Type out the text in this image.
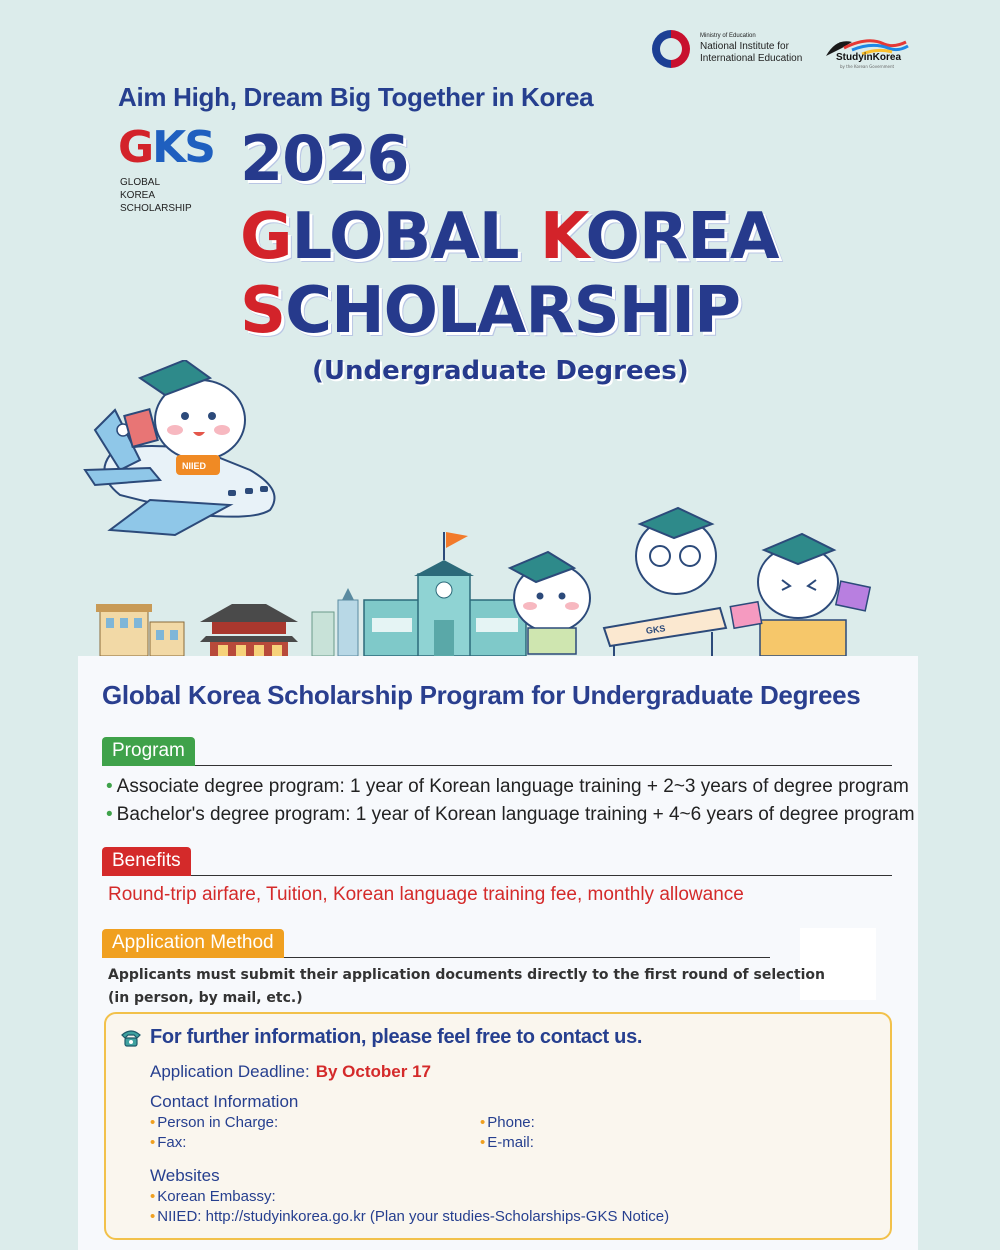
Ministry of Education
National Institute for
International Education	StudyinKorea
by the Korean Government
Aim High, Dream Big Together in Korea
GKS
GLOBAL
KOREA
SCHOLARSHIP
2026
GLOBAL KOREA
SCHOLARSHIP
(Undergraduate Degrees)
NIIED
GKS
Global Korea Scholarship Program for Undergraduate Degrees
Program
• Associate degree program: 1 year of Korean language training + 2~3 years of degree program
• Bachelor's degree program: 1 year of Korean language training + 4~6 years of degree program
Benefits
Round-trip airfare, Tuition, Korean language training fee, monthly allowance
Application Method
Applicants must submit their application documents directly to the first round of selection
(in person, by mail, etc.)
For further information, please feel free to contact us.
Application Deadline: By October 17
Contact Information
• Person in Charge:	• Phone:
• Fax:	• E-mail:
Websites
• Korean Embassy:
• NIIED: http://studyinkorea.go.kr (Plan your studies-Scholarships-GKS Notice)
